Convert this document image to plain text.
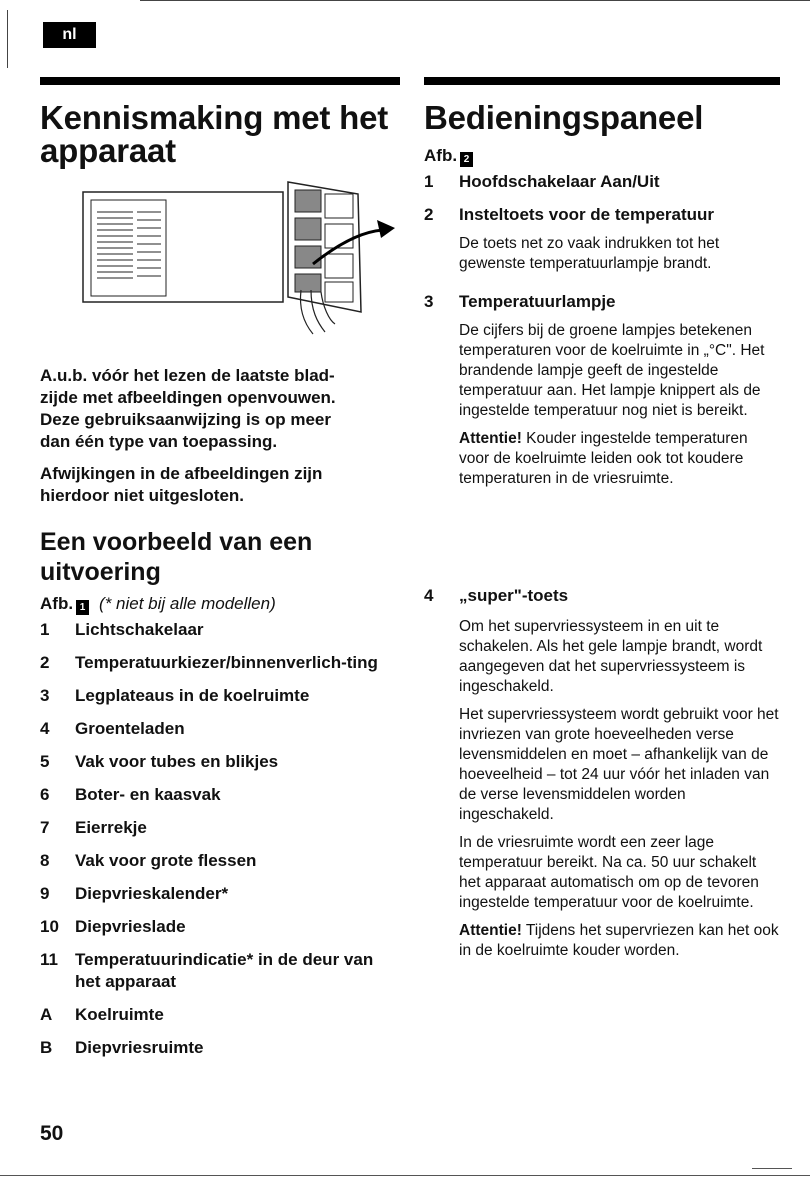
nl
Kennismaking met het
apparaat

A.u.b. vóór het lezen de laatste blad-

zijde met afbeeldingen openvouwen.

Deze gebruiksaanwijzing is op meer

dan één type van toepassing.

Afwijkingen in de afbeeldingen zijn

hierdoor niet uitgesloten.

Een voorbeeld van een
uitvoering

Afb. 1 (* niet bij alle modellen)

1 Lichtschakelaar
2 Temperatuurkiezer/binnenverlich-ting
3 Legplateaus in de koelruimte
4 Groenteladen
5 Vak voor tubes en blikjes
6 Boter- en kaasvak
7 Eierrekje
8 Vak voor grote flessen
9 Diepvrieskalender*
10 Diepvrieslade
11 Temperatuurindicatie* in de deur van het apparaat
A Koelruimte
B Diepvriesruimte
Bedieningspaneel

Afb. 2

1 Hoofdschakelaar Aan/Uit

2 Insteltoets voor de temperatuur

De toets net zo vaak indrukken tot het gewenste temperatuurlampje brandt.

3 Temperatuurlampje

De cijfers bij de groene lampjes betekenen temperaturen voor de koelruimte in „°C". Het brandende lampje geeft de ingestelde temperatuur aan. Het lampje knippert als de ingestelde temperatuur nog niet is bereikt.

Attentie! Kouder ingestelde temperaturen voor de koelruimte leiden ook tot koudere temperaturen in de vriesruimte.

4 „super"-toets

Om het supervriessysteem in en uit te schakelen. Als het gele lampje brandt, wordt aangegeven dat het supervriessysteem is ingeschakeld.

Het supervriessysteem wordt gebruikt voor het invriezen van grote hoeveelheden verse levensmiddelen en moet – afhankelijk van de hoeveelheid – tot 24 uur vóór het inladen van de verse levensmiddelen worden ingeschakeld.

In de vriesruimte wordt een zeer lage temperatuur bereikt. Na ca. 50 uur schakelt het apparaat automatisch om op de tevoren ingestelde temperatuur voor de koelruimte.

Attentie! Tijdens het supervriezen kan het ook in de koelruimte kouder worden.

50
